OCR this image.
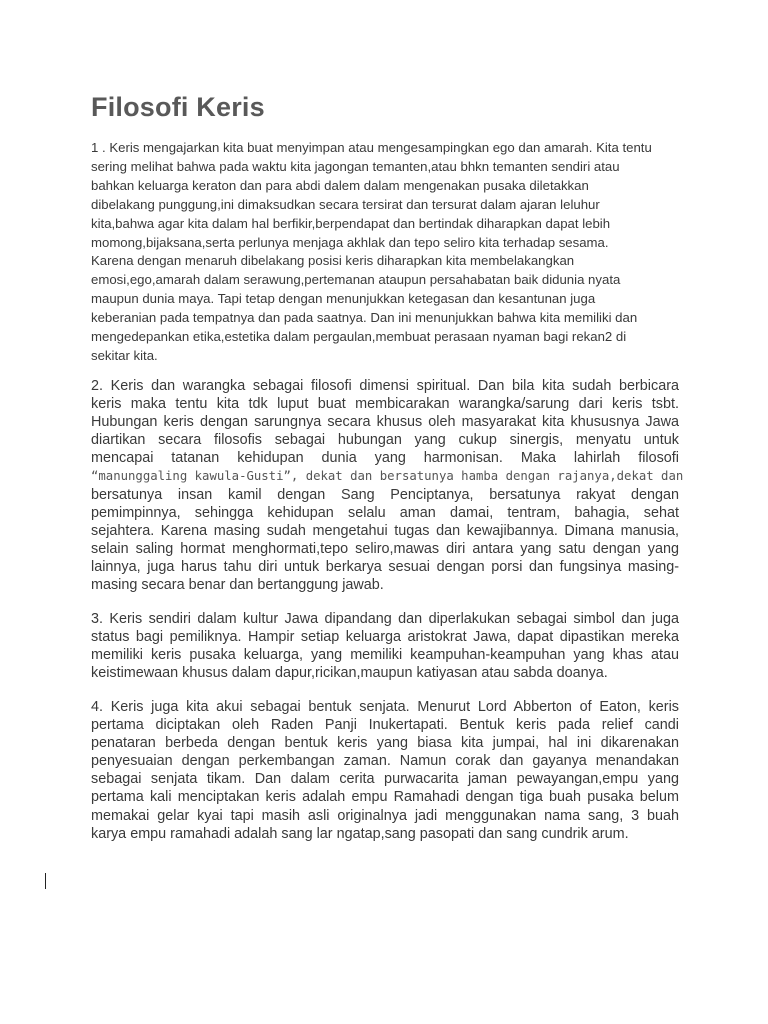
Filosofi Keris
1 . Keris mengajarkan kita buat menyimpan atau mengesampingkan ego dan amarah. Kita tentu
sering melihat bahwa pada waktu kita jagongan temanten,atau bhkn temanten sendiri atau
bahkan keluarga keraton dan para abdi dalem dalam mengenakan pusaka diletakkan
dibelakang punggung,ini dimaksudkan secara tersirat dan tersurat dalam ajaran leluhur
kita,bahwa agar kita dalam hal berfikir,berpendapat dan bertindak diharapkan dapat lebih
momong,bijaksana,serta perlunya menjaga akhlak dan tepo seliro kita terhadap sesama.
Karena dengan menaruh dibelakang posisi keris diharapkan kita membelakangkan
emosi,ego,amarah dalam serawung,pertemanan ataupun persahabatan baik didunia nyata
maupun dunia maya. Tapi tetap dengan menunjukkan ketegasan dan kesantunan juga
keberanian pada tempatnya dan pada saatnya. Dan ini menunjukkan bahwa kita memiliki dan
mengedepankan etika,estetika dalam pergaulan,membuat perasaan nyaman bagi rekan2 di
sekitar kita.
2. Keris dan warangka sebagai filosofi dimensi spiritual. Dan bila kita sudah berbicara
keris maka tentu kita tdk luput buat membicarakan warangka/sarung dari keris tsbt.
Hubungan keris dengan sarungnya secara khusus oleh masyarakat kita khususnya Jawa
diartikan secara filosofis sebagai hubungan yang cukup sinergis, menyatu untuk
mencapai tatanan kehidupan dunia yang harmonisan. Maka lahirlah filosofi
“manunggaling kawula-Gusti”, dekat dan bersatunya hamba dengan rajanya,dekat dan
bersatunya insan kamil dengan Sang Penciptanya, bersatunya rakyat dengan
pemimpinnya, sehingga kehidupan selalu aman damai, tentram, bahagia, sehat
sejahtera. Karena masing sudah mengetahui tugas dan kewajibannya. Dimana manusia,
selain saling hormat menghormati,tepo seliro,mawas diri antara yang satu dengan yang
lainnya, juga harus tahu diri untuk berkarya sesuai dengan porsi dan fungsinya masing-
masing secara benar dan bertanggung jawab.
3. Keris sendiri dalam kultur Jawa dipandang dan diperlakukan sebagai simbol dan juga
status bagi pemiliknya. Hampir setiap keluarga aristokrat Jawa, dapat dipastikan mereka
memiliki keris pusaka keluarga, yang memiliki keampuhan-keampuhan yang khas atau
keistimewaan khusus dalam dapur,ricikan,maupun katiyasan atau sabda doanya.
4. Keris juga kita akui sebagai bentuk senjata. Menurut Lord Abberton of Eaton, keris
pertama diciptakan oleh Raden Panji Inukertapati. Bentuk keris pada relief candi
penataran berbeda dengan bentuk keris yang biasa kita jumpai, hal ini dikarenakan
penyesuaian dengan perkembangan zaman. Namun corak dan gayanya menandakan
sebagai senjata tikam. Dan dalam cerita purwacarita jaman pewayangan,empu yang
pertama kali menciptakan keris adalah empu Ramahadi dengan tiga buah pusaka belum
memakai gelar kyai tapi masih asli originalnya jadi menggunakan nama sang, 3 buah
karya empu ramahadi adalah sang lar ngatap,sang pasopati dan sang cundrik arum.
